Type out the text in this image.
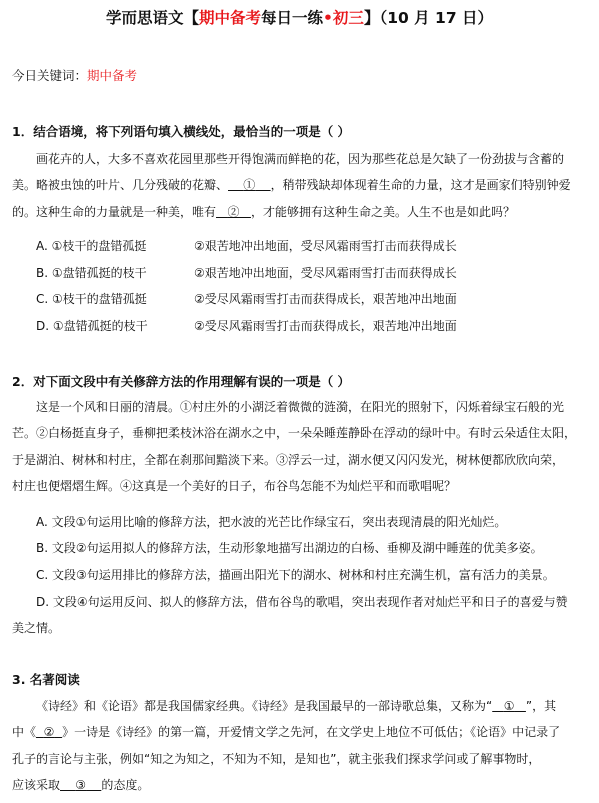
学而思语文【期中备考每日一练•初三】（10 月 17 日）
今日关键词：期中备考
1．结合语境，将下列语句填入横线处，最恰当的一项是（ ）
画花卉的人，大多不喜欢花园里那些开得饱满而鲜艳的花，因为那些花总是欠缺了一份劲拔与含蓄的
美。略被虫蚀的叶片、几分残破的花瓣、 ① ，稍带残缺却体现着生命的力量，这才是画家们特别钟爱
的。这种生命的力量就是一种美，唯有 ② ，才能够拥有这种生命之美。人生不也是如此吗？
A. ①枝干的盘错孤挺	②艰苦地冲出地面，受尽风霜雨雪打击而获得成长
B. ①盘错孤挺的枝干	②艰苦地冲出地面，受尽风霜雨雪打击而获得成长
C. ①枝干的盘错孤挺	②受尽风霜雨雪打击而获得成长，艰苦地冲出地面
D. ①盘错孤挺的枝干	②受尽风霜雨雪打击而获得成长，艰苦地冲出地面
2．对下面文段中有关修辞方法的作用理解有误的一项是（ ）
这是一个风和日丽的清晨。①村庄外的小湖泛着微微的涟漪，在阳光的照射下，闪烁着绿宝石般的光
芒。②白杨挺直身子，垂柳把柔枝沐浴在湖水之中，一朵朵睡莲静卧在浮动的绿叶中。有时云朵适住太阳，
于是湖泊、树林和村庄，全都在刹那间黯淡下来。③浮云一过，湖水便又闪闪发光，树林便都欣欣向荣，
村庄也便熠熠生辉。④这真是一个美好的日子，布谷鸟怎能不为灿烂平和而歌唱呢？
A. 文段①句运用比喻的修辞方法，把水波的光芒比作绿宝石，突出表现清晨的阳光灿烂。
B. 文段②句运用拟人的修辞方法，生动形象地描写出湖边的白杨、垂柳及湖中睡莲的优美多姿。
C. 文段③句运用排比的修辞方法，描画出阳光下的湖水、树林和村庄充满生机，富有活力的美景。
D. 文段④句运用反问、拟人的修辞方法，借布谷鸟的歌唱，突出表现作者对灿烂平和日子的喜爱与赞
美之情。
3. 名著阅读
《诗经》和《论语》都是我国儒家经典。《诗经》是我国最早的一部诗歌总集，又称为“ ① ”，其
中《 ② 》一诗是《诗经》的第一篇，开爱情文学之先河，在文学史上地位不可低估；《论语》中记录了
孔子的言论与主张，例如“知之为知之，不知为不知，是知也”，就主张我们探求学问或了解事物时，
应该采取 ③ 的态度。
